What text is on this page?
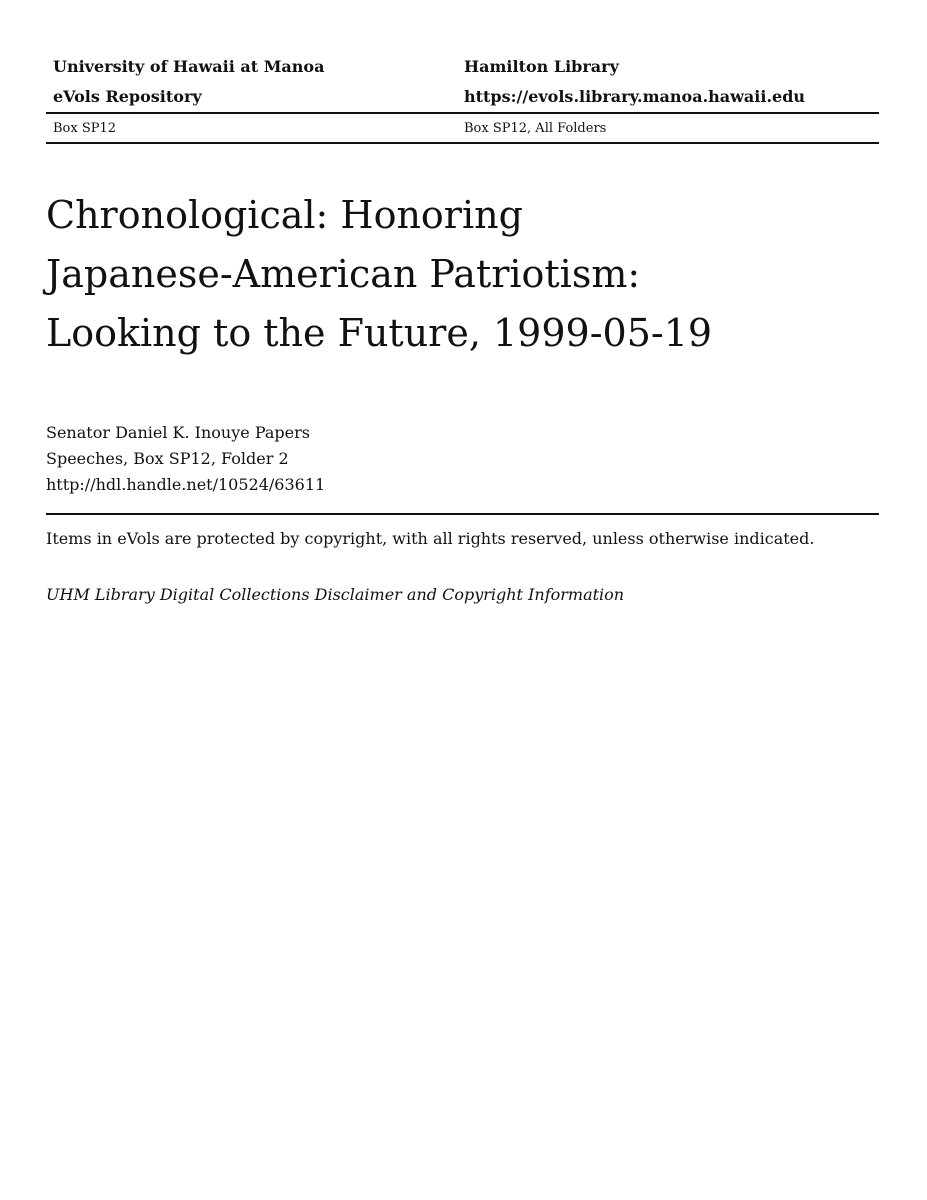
University of Hawaii at Manoa	Hamilton Library
eVols Repository	https://evols.library.manoa.hawaii.edu
Box SP12	Box SP12, All Folders
Chronological: Honoring
Japanese-American Patriotism:
Looking to the Future, 1999-05-19
Senator Daniel K. Inouye Papers
Speeches, Box SP12, Folder 2
http://hdl.handle.net/10524/63611
Items in eVols are protected by copyright, with all rights reserved, unless otherwise indicated.
UHM Library Digital Collections Disclaimer and Copyright Information
